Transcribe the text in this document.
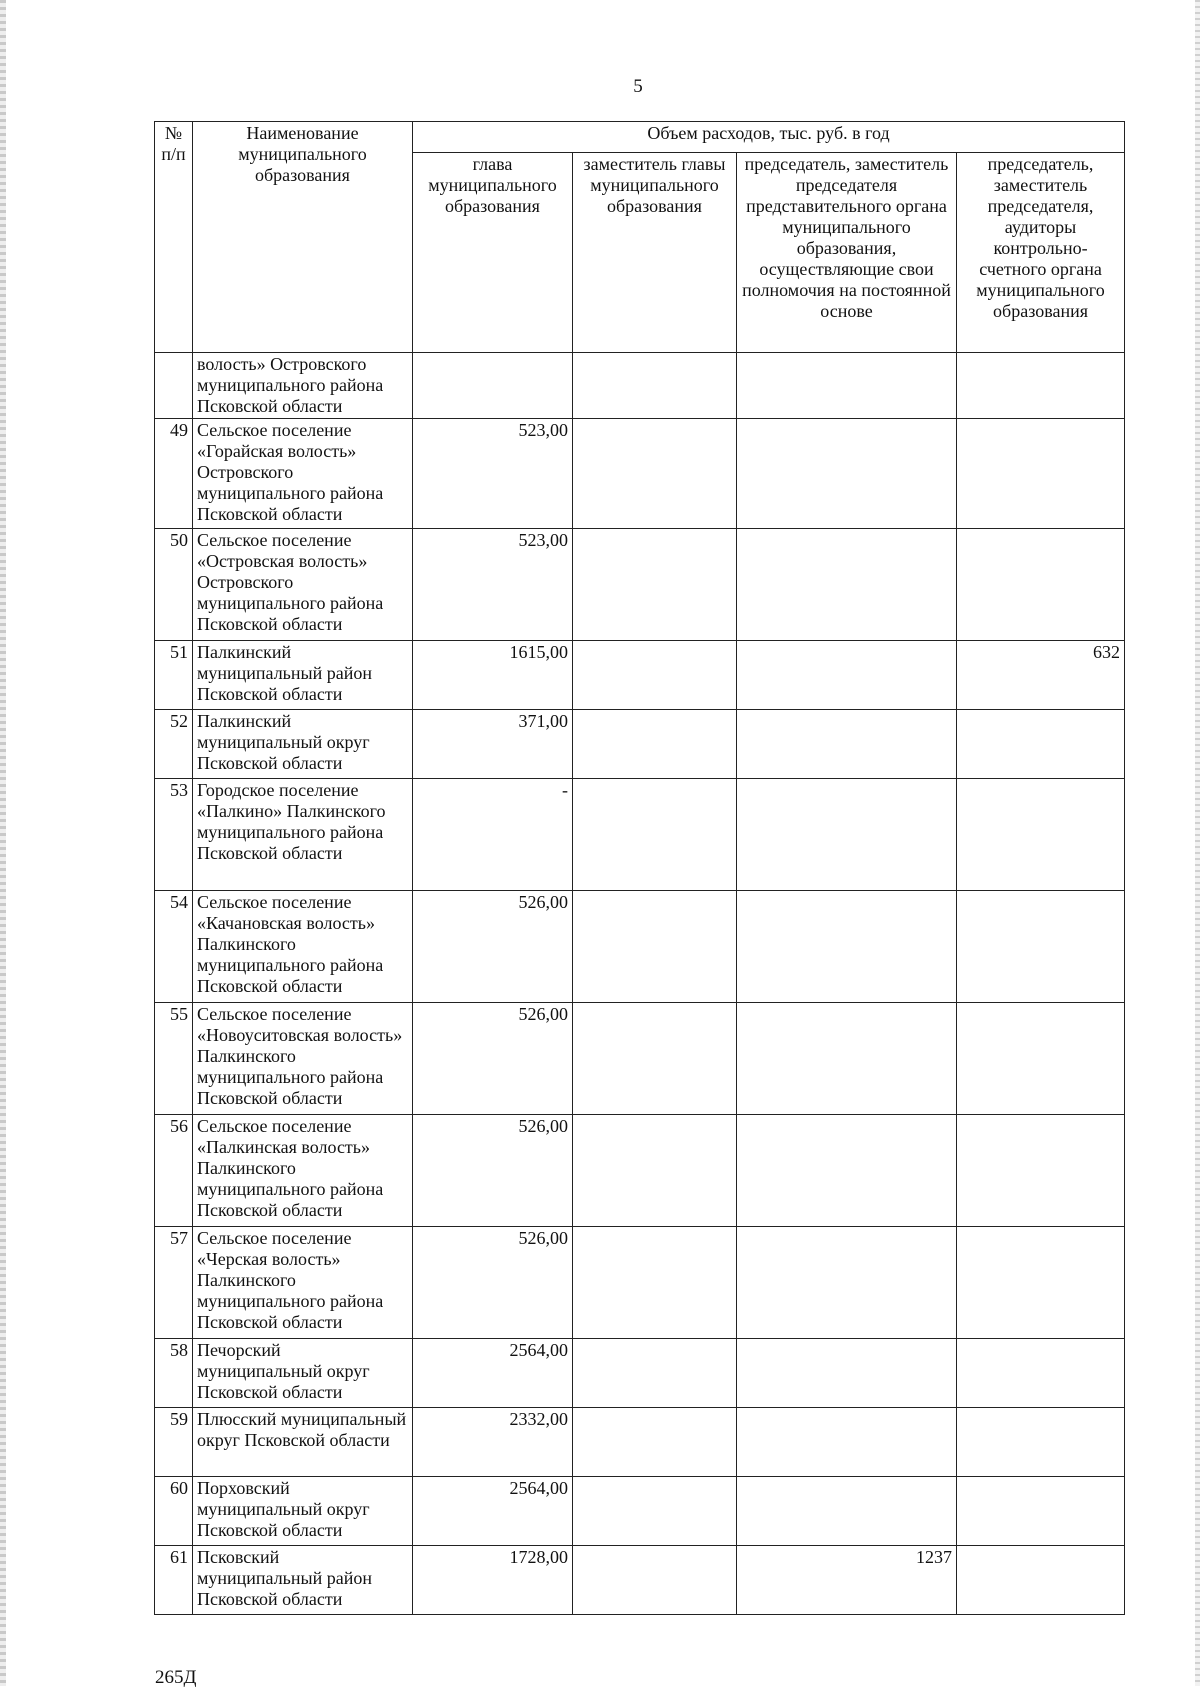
5
№ п/п	Наименование муниципального образования	Объем расходов, тыс. руб. в год			
		глава муниципального образования	заместитель главы муниципального образования	председатель, заместитель председателя представительного органа муниципального образования, осуществляющие свои полномочия на постоянной основе	председатель, заместитель председателя, аудиторы контрольно-счетного органа муниципального образования
	волость» Островского муниципального района Псковской области				
49	Сельское поселение «Горайская волость» Островского муниципального района Псковской области	523,00			
50	Сельское поселение «Островская волость» Островского муниципального района Псковской области	523,00			
51	Палкинский муниципальный район Псковской области	1615,00			632
52	Палкинский муниципальный округ Псковской области	371,00			
53	Городское поселение «Палкино» Палкинского муниципального района Псковской области	-			
54	Сельское поселение «Качановская волость» Палкинского муниципального района Псковской области	526,00			
55	Сельское поселение «Новоуситовская волость» Палкинского муниципального района Псковской области	526,00			
56	Сельское поселение «Палкинская волость» Палкинского муниципального района Псковской области	526,00			
57	Сельское поселение «Черская волость» Палкинского муниципального района Псковской области	526,00			
58	Печорский муниципальный округ Псковской области	2564,00			
59	Плюсский муниципальный округ Псковской области	2332,00			
60	Порховский муниципальный округ Псковской области	2564,00			
61	Псковский муниципальный район Псковской области	1728,00		1237	
265Д
